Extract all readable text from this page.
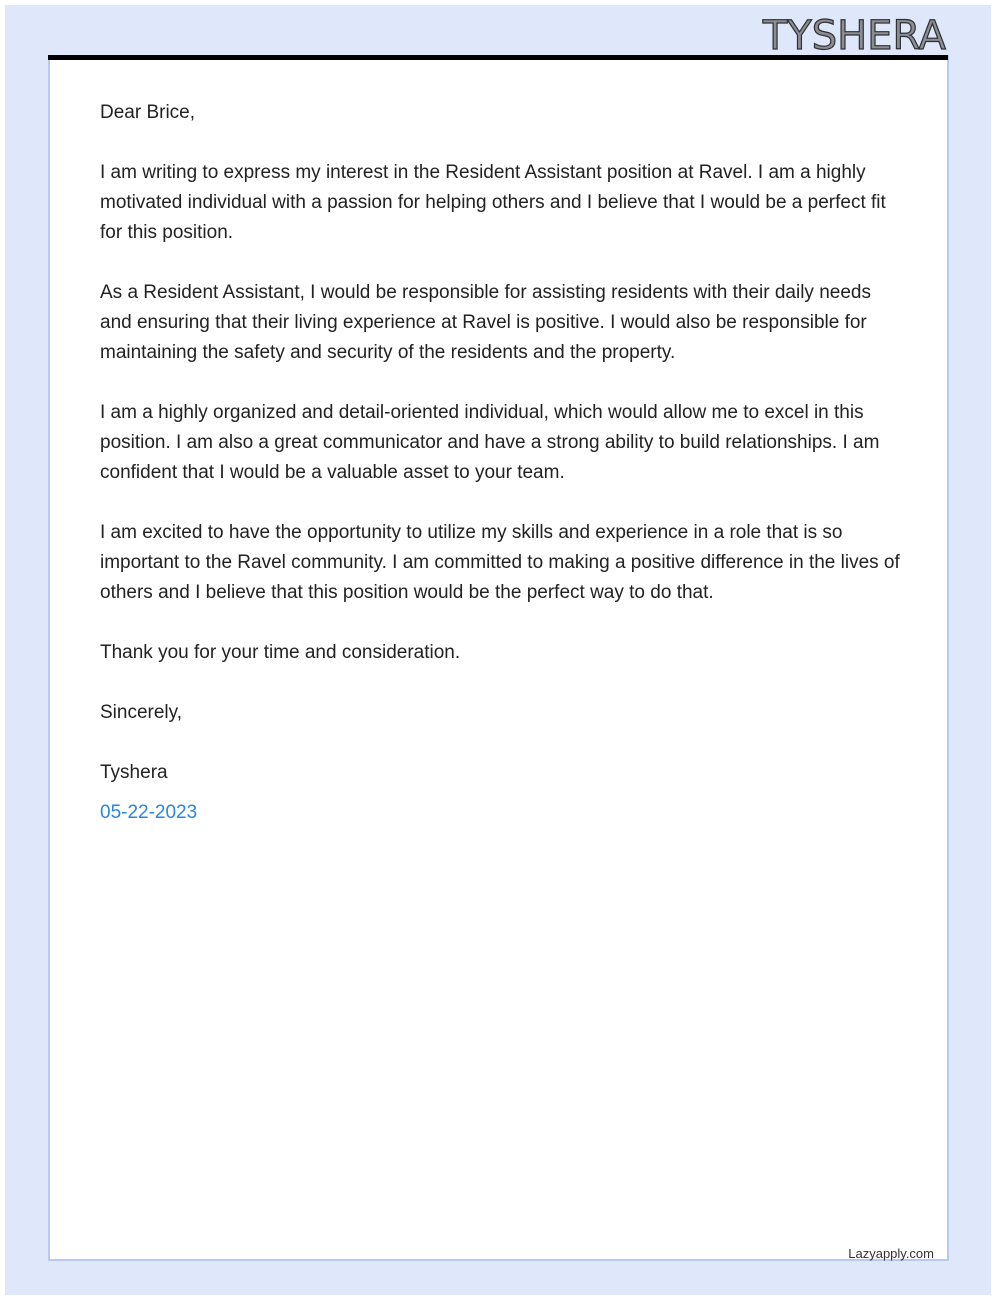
TYSHERA

Dear Brice,

I am writing to express my interest in the Resident Assistant position at Ravel. I am a highly motivated individual with a passion for helping others and I believe that I would be a perfect fit for this position.

As a Resident Assistant, I would be responsible for assisting residents with their daily needs and ensuring that their living experience at Ravel is positive. I would also be responsible for maintaining the safety and security of the residents and the property.

I am a highly organized and detail-oriented individual, which would allow me to excel in this position. I am also a great communicator and have a strong ability to build relationships. I am confident that I would be a valuable asset to your team.

I am excited to have the opportunity to utilize my skills and experience in a role that is so important to the Ravel community. I am committed to making a positive difference in the lives of others and I believe that this position would be the perfect way to do that.

Thank you for your time and consideration.

Sincerely,

Tyshera

05-22-2023

Lazyapply.com
